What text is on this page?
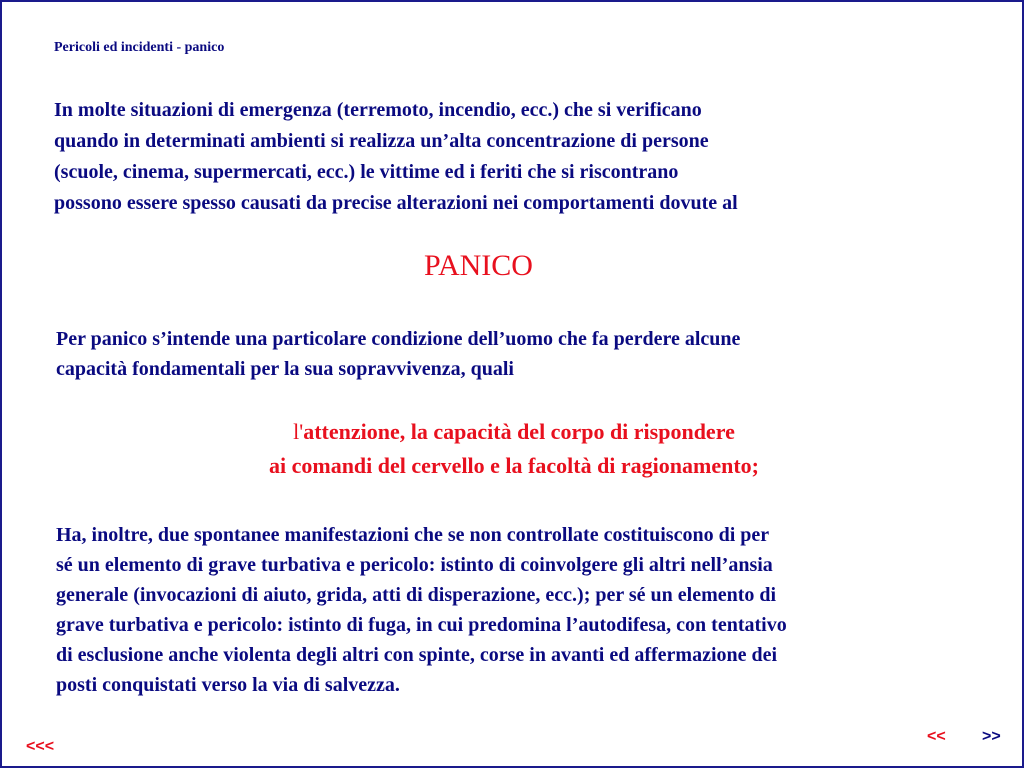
Pericoli ed incidenti - panico
In molte situazioni di emergenza (terremoto, incendio, ecc.) che si verificano
quando in determinati ambienti si realizza un’alta concentrazione di persone
(scuole, cinema, supermercati, ecc.) le vittime ed i feriti che si riscontrano
possono essere spesso causati da precise alterazioni nei comportamenti dovute al
PANICO
Per panico s’intende una particolare condizione dell’uomo che fa perdere alcune
capacità fondamentali per la sua sopravvivenza, quali
l'attenzione, la capacità del corpo di rispondere
ai comandi del cervello e la facoltà di ragionamento;
Ha, inoltre, due spontanee manifestazioni che se non controllate costituiscono di per
sé un elemento di grave turbativa e pericolo: istinto di coinvolgere gli altri nell’ansia
generale (invocazioni di aiuto, grida, atti di disperazione, ecc.); per sé un elemento di
grave turbativa e pericolo: istinto di fuga, in cui predomina l’autodifesa, con tentativo
di esclusione anche violenta degli altri con spinte, corse in avanti ed affermazione dei
posti conquistati verso la via di salvezza.
<<<
<< >>
